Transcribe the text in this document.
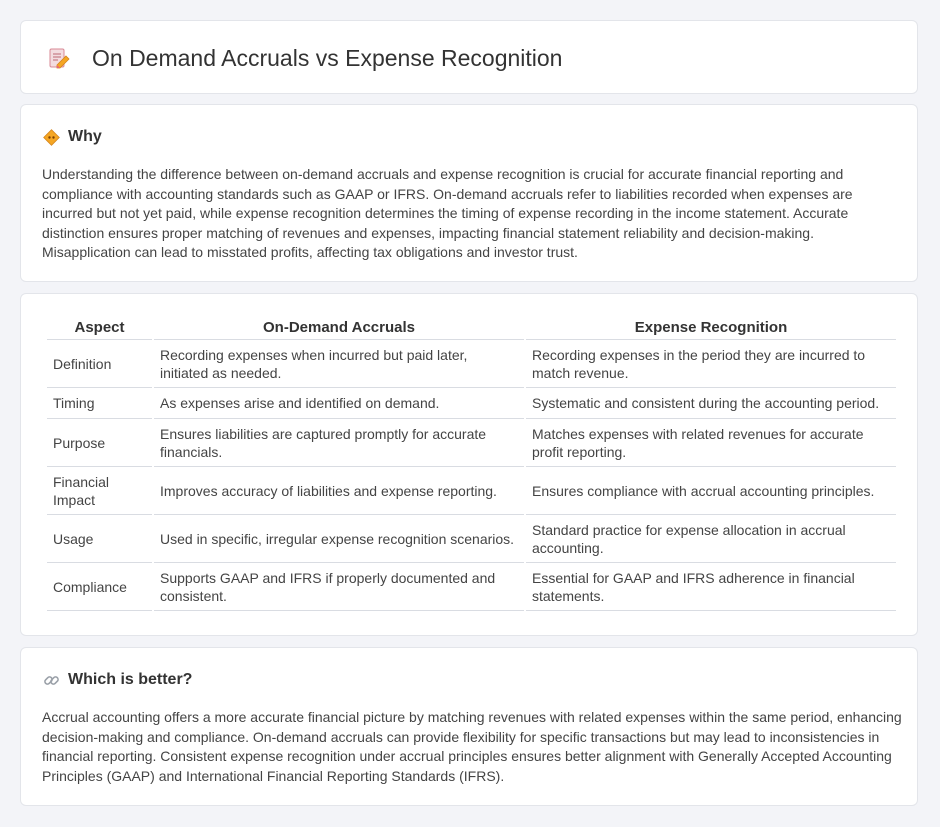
On Demand Accruals vs Expense Recognition
Why

Understanding the difference between on-demand accruals and expense recognition is crucial for accurate financial reporting and compliance with accounting standards such as GAAP or IFRS. On-demand accruals refer to liabilities recorded when expenses are incurred but not yet paid, while expense recognition determines the timing of expense recording in the income statement. Accurate distinction ensures proper matching of revenues and expenses, impacting financial statement reliability and decision-making. Misapplication can lead to misstated profits, affecting tax obligations and investor trust.

Aspect	On-Demand Accruals	Expense Recognition
Definition	Recording expenses when incurred but paid later, initiated as needed.	Recording expenses in the period they are incurred to match revenue.
Timing	As expenses arise and identified on demand.	Systematic and consistent during the accounting period.
Purpose	Ensures liabilities are captured promptly for accurate financials.	Matches expenses with related revenues for accurate profit reporting.
Financial Impact	Improves accuracy of liabilities and expense reporting.	Ensures compliance with accrual accounting principles.
Usage	Used in specific, irregular expense recognition scenarios.	Standard practice for expense allocation in accrual accounting.
Compliance	Supports GAAP and IFRS if properly documented and consistent.	Essential for GAAP and IFRS adherence in financial statements.
Which is better?

Accrual accounting offers a more accurate financial picture by matching revenues with related expenses within the same period, enhancing decision-making and compliance. On-demand accruals can provide flexibility for specific transactions but may lead to inconsistencies in financial reporting. Consistent expense recognition under accrual principles ensures better alignment with Generally Accepted Accounting Principles (GAAP) and International Financial Reporting Standards (IFRS).
